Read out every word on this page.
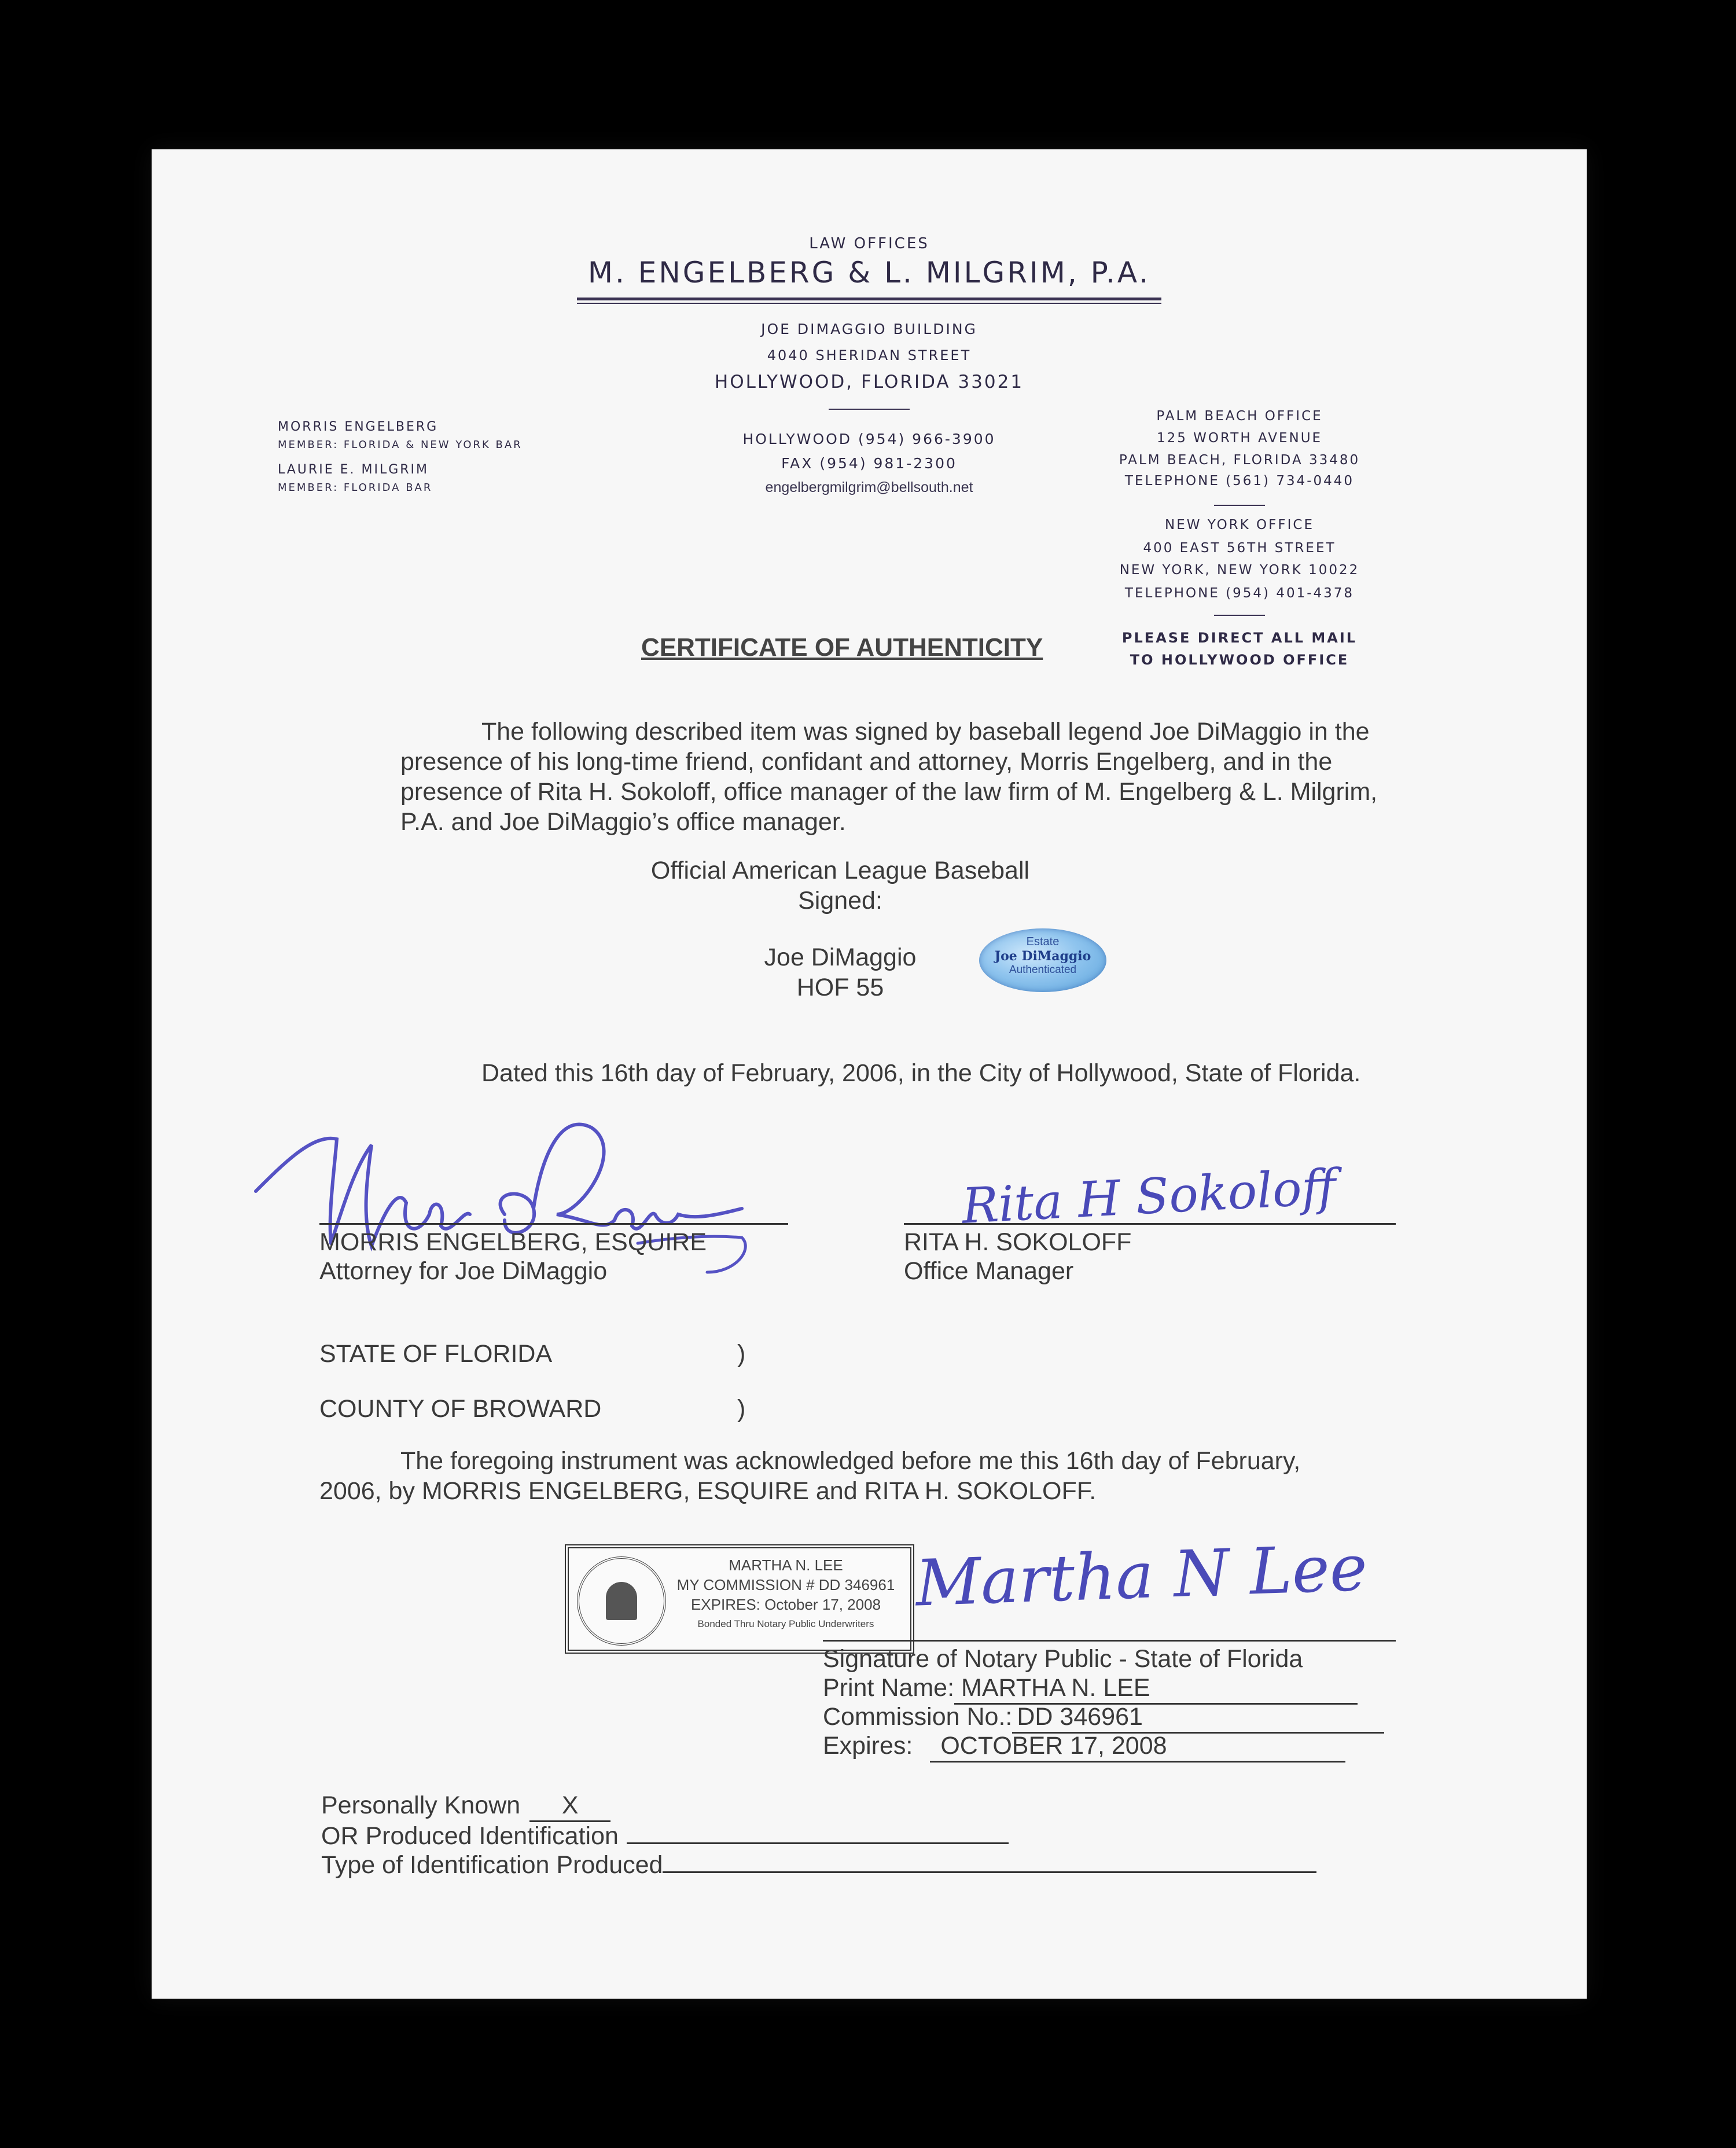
LAW OFFICES
M. ENGELBERG & L. MILGRIM, P.A.
JOE DIMAGGIO BUILDING
4040 SHERIDAN STREET
HOLLYWOOD, FLORIDA 33021
HOLLYWOOD (954) 966-3900
FAX (954) 981-2300
engelbergmilgrim@bellsouth.net
MORRIS ENGELBERG
MEMBER: FLORIDA & NEW YORK BAR
LAURIE E. MILGRIM
MEMBER: FLORIDA BAR
PALM BEACH OFFICE
125 WORTH AVENUE
PALM BEACH, FLORIDA 33480
TELEPHONE (561) 734-0440
NEW YORK OFFICE
400 EAST 56TH STREET
NEW YORK, NEW YORK 10022
TELEPHONE (954) 401-4378
PLEASE DIRECT ALL MAIL
TO HOLLYWOOD OFFICE
CERTIFICATE OF AUTHENTICITY
The following described item was signed by baseball legend Joe DiMaggio in the
presence of his long-time friend, confidant and attorney, Morris Engelberg, and in the
presence of Rita H. Sokoloff, office manager of the law firm of M. Engelberg & L. Milgrim,
P.A. and Joe DiMaggio’s office manager.
Official American League Baseball
Signed:
Joe DiMaggio
HOF 55
Estate
Joe DiMaggio
Authenticated
Dated this 16th day of February, 2006, in the City of Hollywood, State of Florida.
MORRIS ENGELBERG, ESQUIRE
Attorney for Joe DiMaggio
Rita H Sokoloff
RITA H. SOKOLOFF
Office Manager
STATE OF FLORIDA	)
COUNTY OF BROWARD	)
The foregoing instrument was acknowledged before me this 16th day of February,
2006, by MORRIS ENGELBERG, ESQUIRE and RITA H. SOKOLOFF.
MARTHA N. LEE
MY COMMISSION # DD 346961
EXPIRES: October 17, 2008
Bonded Thru Notary Public Underwriters
Martha N Lee
Signature of Notary Public - State of Florida
Print Name: MARTHA N. LEE
Commission No.: DD 346961
Expires: OCTOBER 17, 2008
Personally Known X
OR Produced Identification
Type of Identification Produced
